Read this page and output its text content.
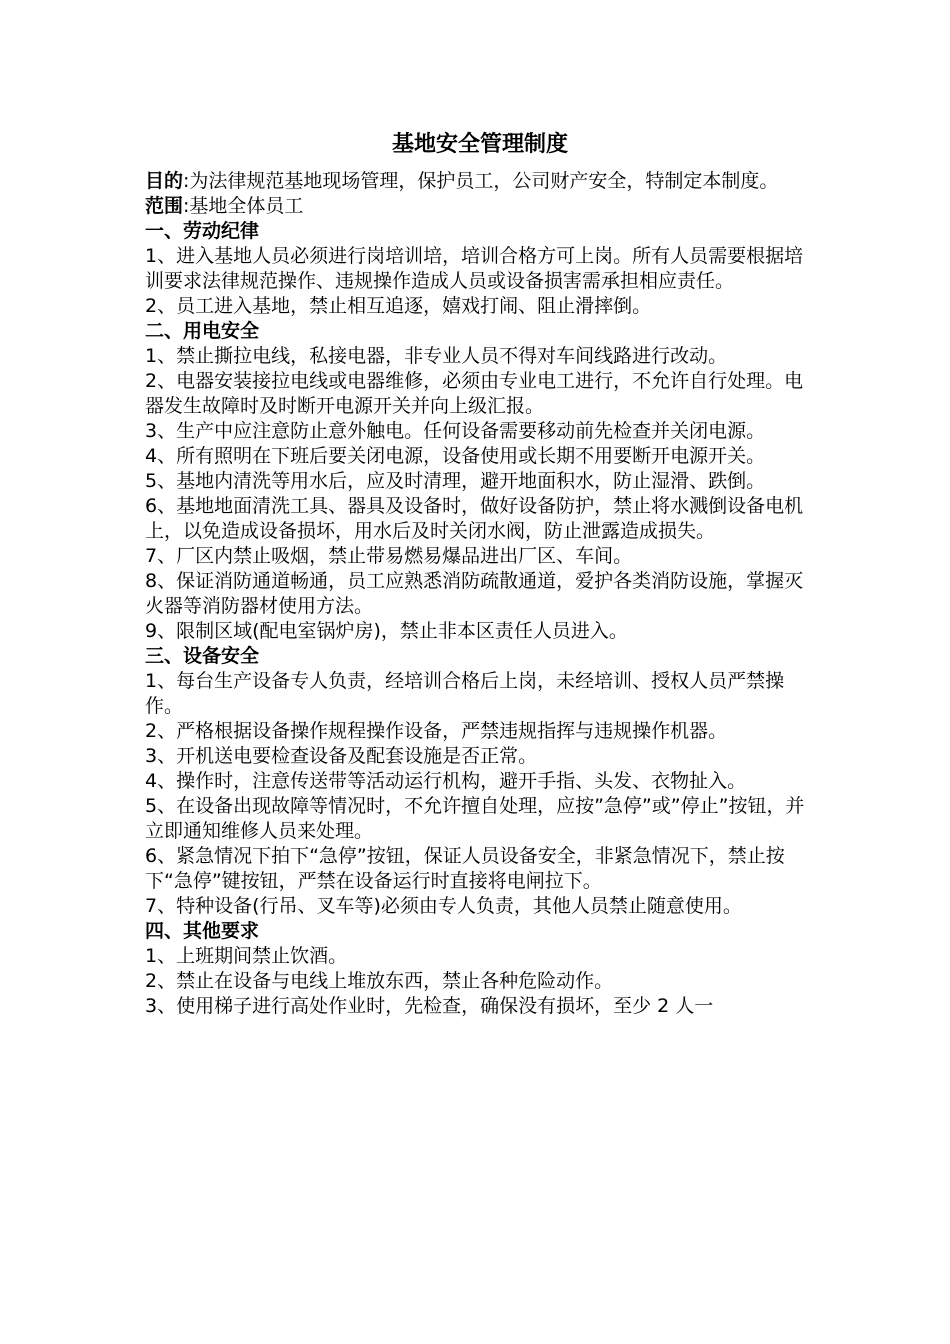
基地安全管理制度

目的:为法律规范基地现场管理，保护员工，公司财产安全，特制定本制度。

范围:基地全体员工

一、劳动纪律

1、进入基地人员必须进行岗培训培，培训合格方可上岗。所有人员需要根据培训要求法律规范操作、违规操作造成人员或设备损害需承担相应责任。

2、员工进入基地，禁止相互追逐，嬉戏打闹、阻止滑摔倒。

二、用电安全

1、禁止撕拉电线，私接电器，非专业人员不得对车间线路进行改动。

2、电器安装接拉电线或电器维修，必须由专业电工进行，不允许自行处理。电器发生故障时及时断开电源开关并向上级汇报。

3、生产中应注意防止意外触电。任何设备需要移动前先检查并关闭电源。

4、所有照明在下班后要关闭电源，设备使用或长期不用要断开电源开关。

5、基地内清洗等用水后，应及时清理，避开地面积水，防止湿滑、跌倒。

6、基地地面清洗工具、器具及设备时，做好设备防护，禁止将水溅倒设备电机上，以免造成设备损坏，用水后及时关闭水阀，防止泄露造成损失。

7、厂区内禁止吸烟，禁止带易燃易爆品进出厂区、车间。

8、保证消防通道畅通，员工应熟悉消防疏散通道，爱护各类消防设施，掌握灭火器等消防器材使用方法。

9、限制区域(配电室锅炉房)，禁止非本区责任人员进入。

三、设备安全

1、每台生产设备专人负责，经培训合格后上岗，未经培训、授权人员严禁操作。

2、严格根据设备操作规程操作设备，严禁违规指挥与违规操作机器。

3、开机送电要检查设备及配套设施是否正常。

4、操作时，注意传送带等活动运行机构，避开手指、头发、衣物扯入。

5、在设备出现故障等情况时，不允许擅自处理，应按”急停”或”停止”按钮，并立即通知维修人员来处理。

6、紧急情况下拍下“急停”按钮，保证人员设备安全，非紧急情况下，禁止按下“急停”键按钮，严禁在设备运行时直接将电闸拉下。

7、特种设备(行吊、叉车等)必须由专人负责，其他人员禁止随意使用。

四、其他要求

1、上班期间禁止饮酒。

2、禁止在设备与电线上堆放东西，禁止各种危险动作。

3、使用梯子进行高处作业时，先检查，确保没有损坏，至少 2 人一
